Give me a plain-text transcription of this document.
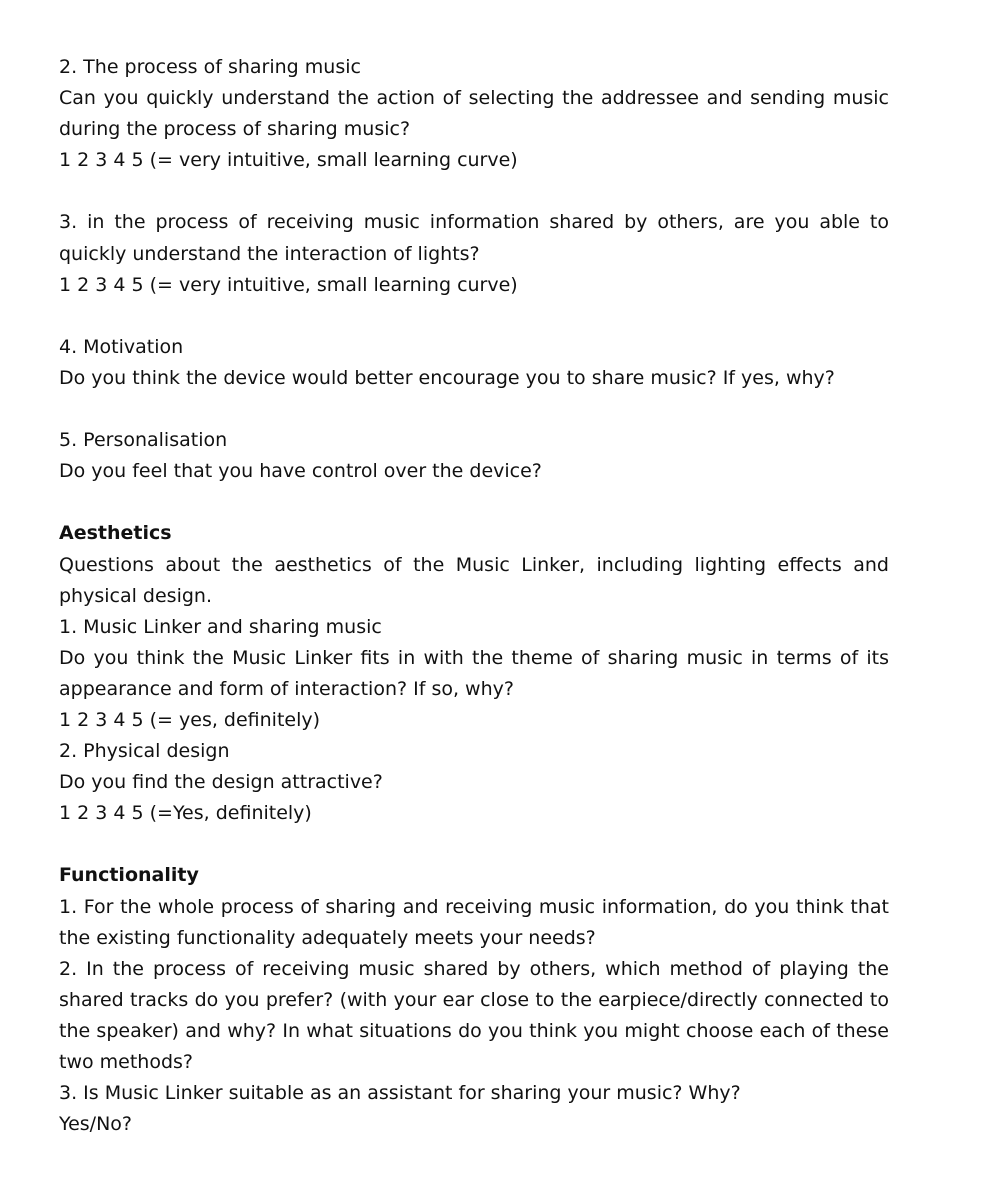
2. The process of sharing music
Can you quickly understand the action of selecting the addressee and sending music during the process of sharing music?
1 2 3 4 5 (= very intuitive, small learning curve)
3. in the process of receiving music information shared by others, are you able to quickly understand the interaction of lights?
1 2 3 4 5 (= very intuitive, small learning curve)
4. Motivation
Do you think the device would better encourage you to share music? If yes, why?
5. Personalisation
Do you feel that you have control over the device?
Aesthetics
Questions about the aesthetics of the Music Linker, including lighting effects and physical design.
1. Music Linker and sharing music
Do you think the Music Linker fits in with the theme of sharing music in terms of its appearance and form of interaction? If so, why?
1 2 3 4 5 (= yes, definitely)
2. Physical design
Do you find the design attractive?
1 2 3 4 5 (=Yes, definitely)
Functionality
1. For the whole process of sharing and receiving music information, do you think that the existing functionality adequately meets your needs?
2. In the process of receiving music shared by others, which method of playing the shared tracks do you prefer? (with your ear close to the earpiece/directly connected to the speaker) and why? In what situations do you think you might choose each of these two methods?
3. Is Music Linker suitable as an assistant for sharing your music? Why?
Yes/No?
